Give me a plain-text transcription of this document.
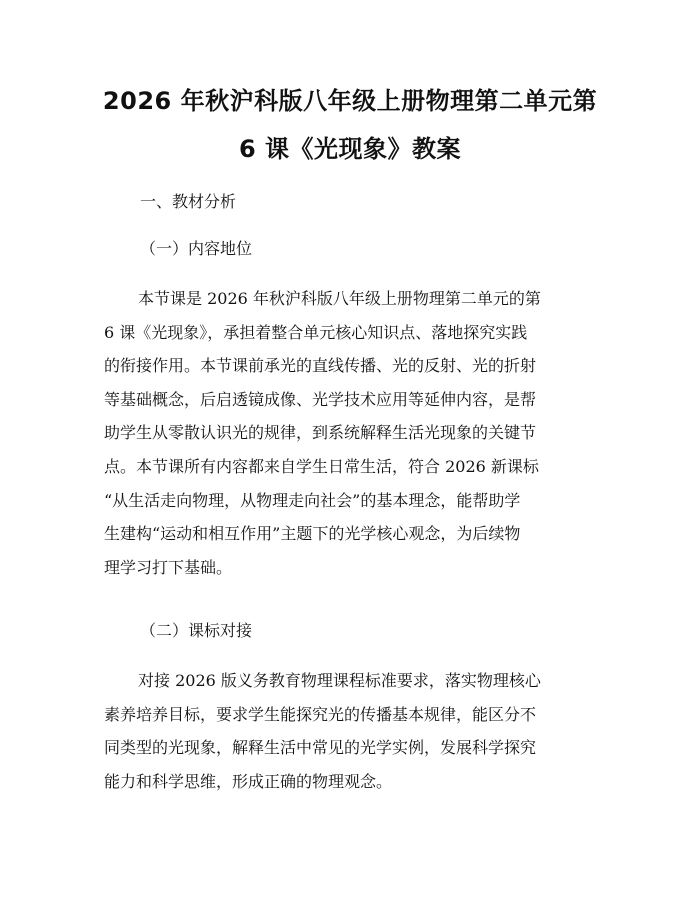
2026 年秋沪科版八年级上册物理第二单元第
6 课《光现象》教案
一、教材分析
（一）内容地位
本节课是 2026 年秋沪科版八年级上册物理第二单元的第
6 课《光现象》，承担着整合单元核心知识点、落地探究实践
的衔接作用。本节课前承光的直线传播、光的反射、光的折射
等基础概念，后启透镜成像、光学技术应用等延伸内容，是帮
助学生从零散认识光的规律，到系统解释生活光现象的关键节
点。本节课所有内容都来自学生日常生活，符合 2026 新课标
“从生活走向物理，从物理走向社会”的基本理念，能帮助学
生建构“运动和相互作用”主题下的光学核心观念，为后续物
理学习打下基础。
（二）课标对接
对接 2026 版义务教育物理课程标准要求，落实物理核心
素养培养目标，要求学生能探究光的传播基本规律，能区分不
同类型的光现象，解释生活中常见的光学实例，发展科学探究
能力和科学思维，形成正确的物理观念。
